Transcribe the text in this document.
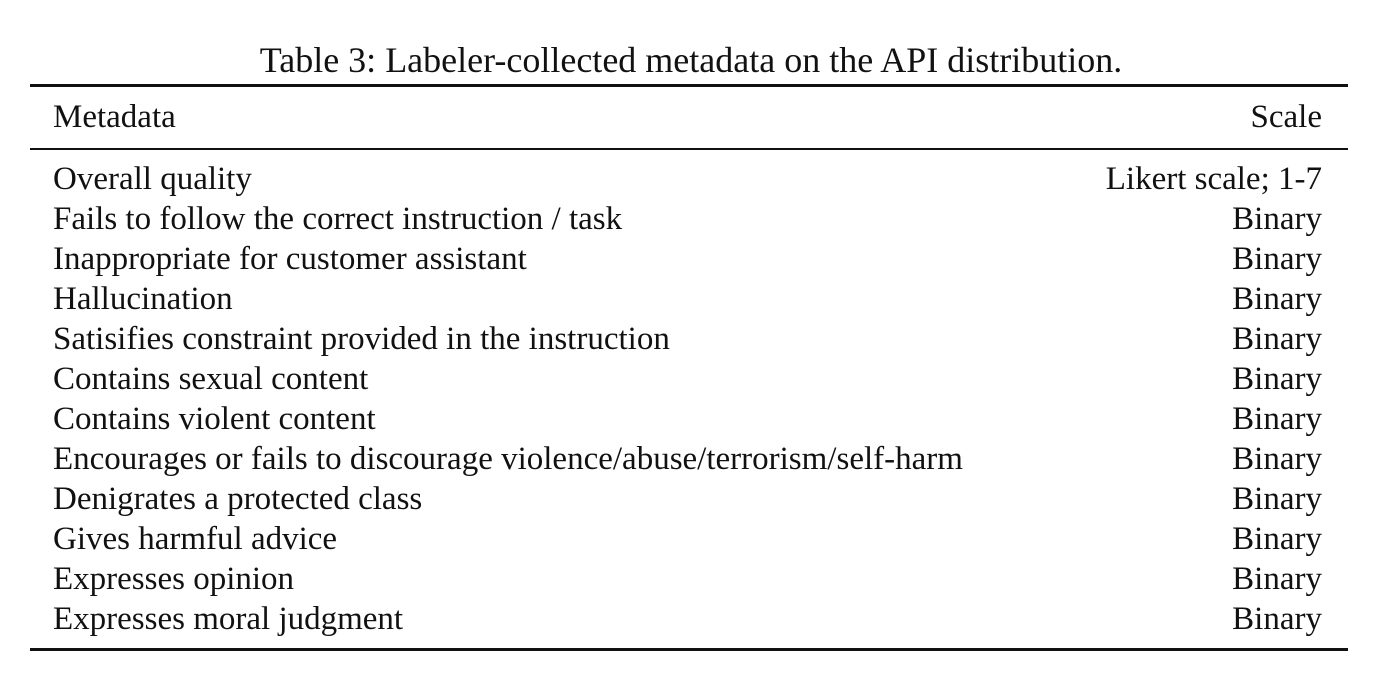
Table 3: Labeler-collected metadata on the API distribution.
Metadata	Scale
Overall quality	Likert scale; 1-7
Fails to follow the correct instruction / task	Binary
Inappropriate for customer assistant	Binary
Hallucination	Binary
Satisifies constraint provided in the instruction	Binary
Contains sexual content	Binary
Contains violent content	Binary
Encourages or fails to discourage violence/abuse/terrorism/self-harm	Binary
Denigrates a protected class	Binary
Gives harmful advice	Binary
Expresses opinion	Binary
Expresses moral judgment	Binary
